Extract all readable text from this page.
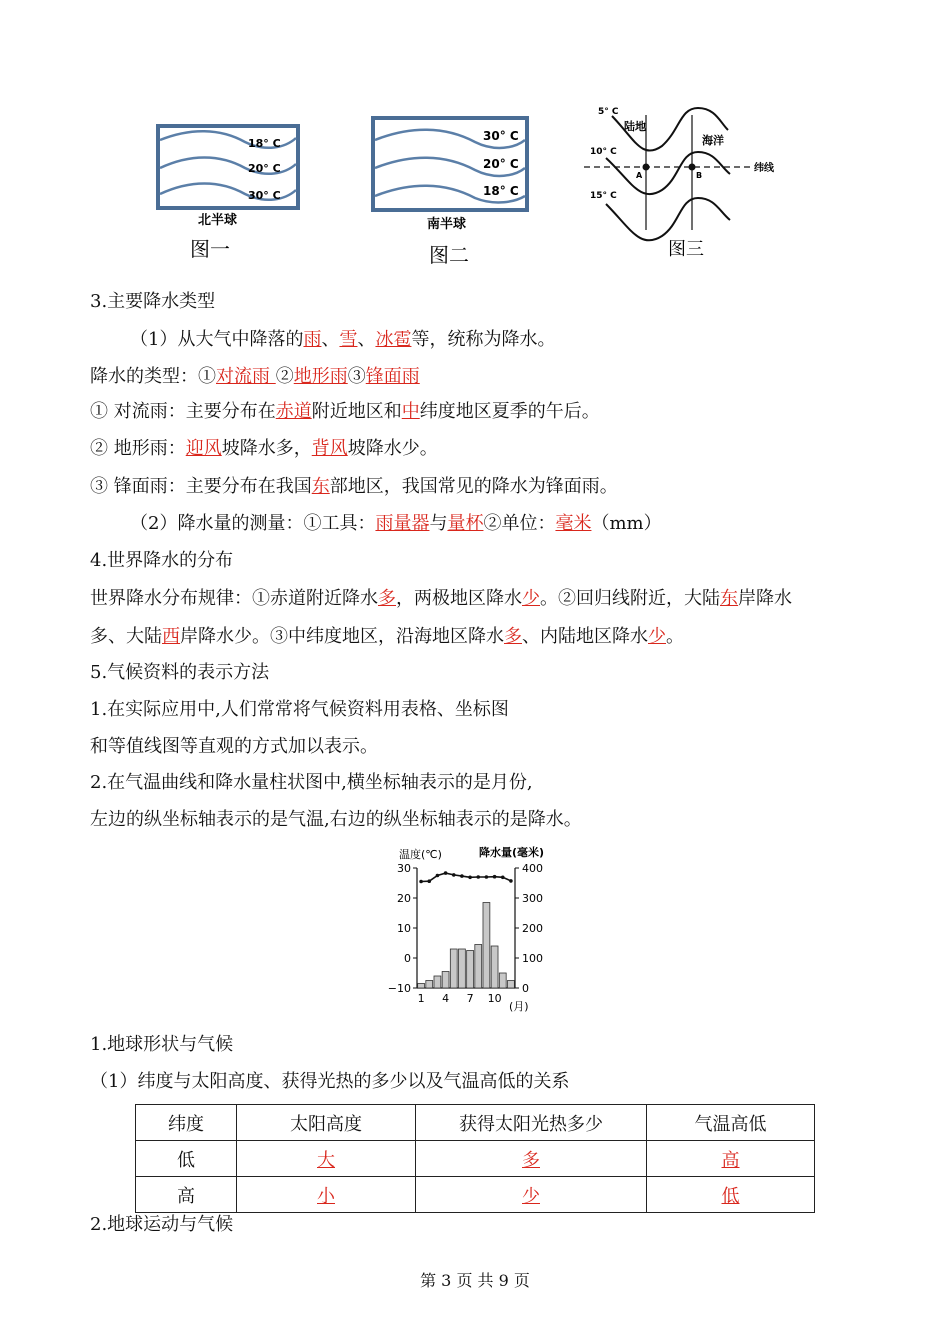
18° C
20° C
30° C
北半球
图一
30° C
20° C
18° C
南半球
图二
5° C
10° C
15° C
陆地
海洋
A	B
纬线
图三
3.主要降水类型
（1）从大气中降落的雨、雪、冰雹等，统称为降水。
降水的类型：①对流雨 ②地形雨③锋面雨
① 对流雨：主要分布在赤道附近地区和中纬度地区夏季的午后。
② 地形雨：迎风坡降水多，背风坡降水少。
③ 锋面雨：主要分布在我国东部地区，我国常见的降水为锋面雨。
（2）降水量的测量：①工具：雨量器与量杯②单位：毫米（mm）
4.世界降水的分布
世界降水分布规律：①赤道附近降水多，两极地区降水少。②回归线附近，大陆东岸降水
多、大陆西岸降水少。③中纬度地区，沿海地区降水多、内陆地区降水少。
5.气候资料的表示方法
1.在实际应用中,人们常常将气候资料用表格、坐标图
和等值线图等直观的方式加以表示。
2.在气温曲线和降水量柱状图中,横坐标轴表示的是月份,
左边的纵坐标轴表示的是气温,右边的纵坐标轴表示的是降水。
温度(℃)	降水量(毫米)
(月)
30
20
10
0
−10
400
300
200
100
0
1 4 7 10
1.地球形状与气候
（1）纬度与太阳高度、获得光热的多少以及气温高低的关系
纬度	太阳高度	获得太阳光热多少	气温高低
低	大	多	高
高	小	少	低
2.地球运动与气候
第 3 页 共 9 页
